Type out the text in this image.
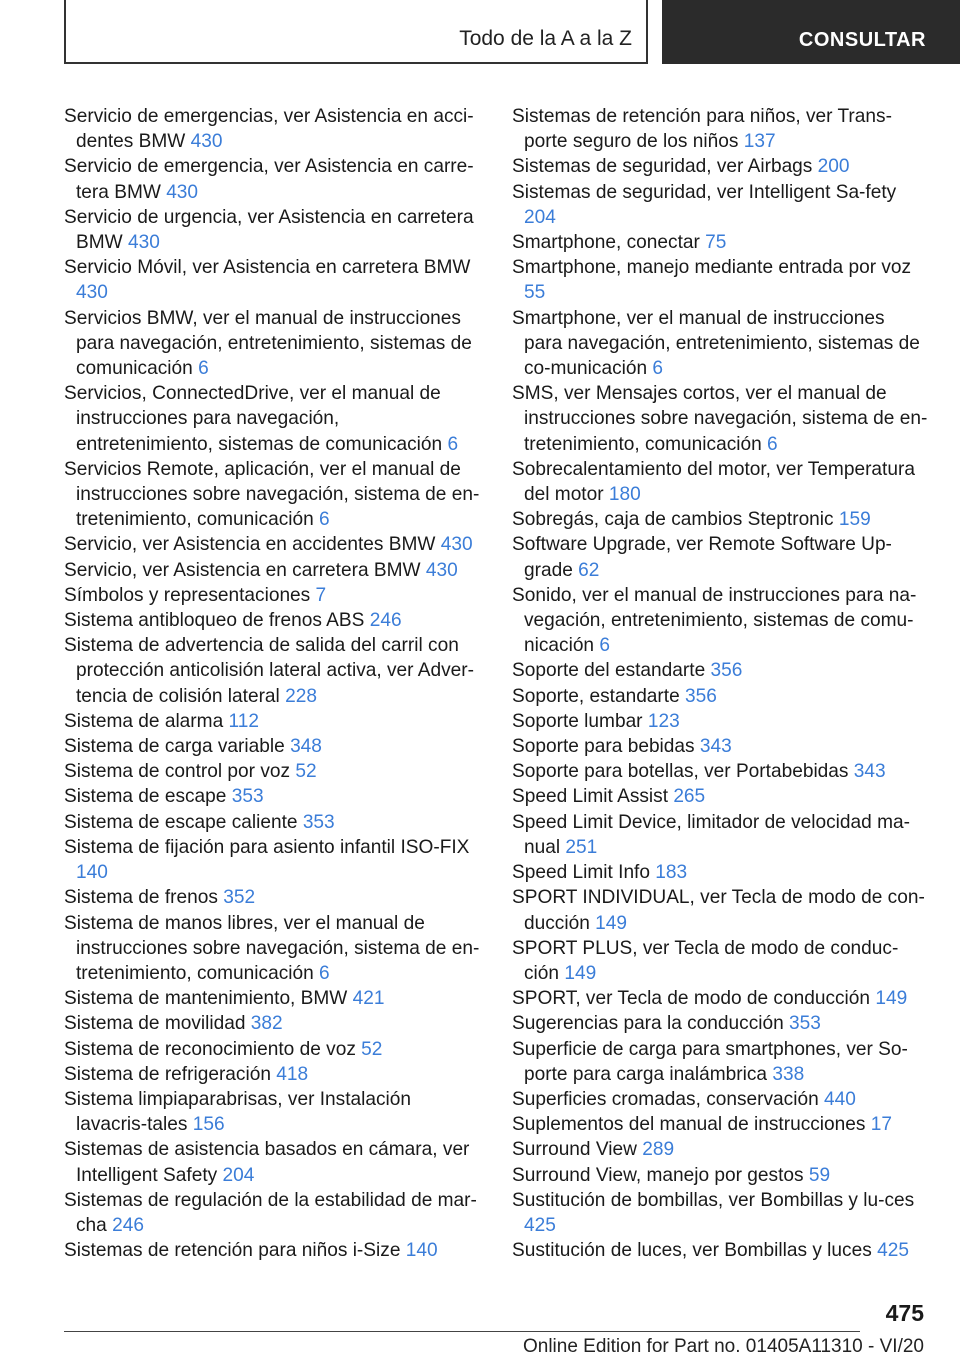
Todo de la A a la Z	CONSULTAR
Servicio de emergencias, ver Asistencia en acci‐dentes BMW 430
Servicio de emergencia, ver Asistencia en carre‐tera BMW 430
Servicio de urgencia, ver Asistencia en carretera BMW 430
Servicio Móvil, ver Asistencia en carretera BMW 430
Servicios BMW, ver el manual de instrucciones para navegación, entretenimiento, sistemas de comunicación 6
Servicios, ConnectedDrive, ver el manual de instrucciones para navegación, entretenimiento, sistemas de comunicación 6
Servicios Remote, aplicación, ver el manual de instrucciones sobre navegación, sistema de en‐tretenimiento, comunicación 6
Servicio, ver Asistencia en accidentes BMW 430
Servicio, ver Asistencia en carretera BMW 430
Símbolos y representaciones 7
Sistema antibloqueo de frenos ABS 246
Sistema de advertencia de salida del carril con protección anticolisión lateral activa, ver Adver‐tencia de colisión lateral 228
Sistema de alarma 112
Sistema de carga variable 348
Sistema de control por voz 52
Sistema de escape 353
Sistema de escape caliente 353
Sistema de fijación para asiento infantil ISO‐FIX 140
Sistema de frenos 352
Sistema de manos libres, ver el manual de instrucciones sobre navegación, sistema de en‐tretenimiento, comunicación 6
Sistema de mantenimiento, BMW 421
Sistema de movilidad 382
Sistema de reconocimiento de voz 52
Sistema de refrigeración 418
Sistema limpiaparabrisas, ver Instalación lavacris‐tales 156
Sistemas de asistencia basados en cámara, ver Intelligent Safety 204
Sistemas de regulación de la estabilidad de mar‐cha 246
Sistemas de retención para niños i-Size 140
Sistemas de retención para niños, ver Trans‐porte seguro de los niños 137
Sistemas de seguridad, ver Airbags 200
Sistemas de seguridad, ver Intelligent Sa‐fety 204
Smartphone, conectar 75
Smartphone, manejo mediante entrada por voz 55
Smartphone, ver el manual de instrucciones para navegación, entretenimiento, sistemas de co‐municación 6
SMS, ver Mensajes cortos, ver el manual de instrucciones sobre navegación, sistema de en‐tretenimiento, comunicación 6
Sobrecalentamiento del motor, ver Temperatura del motor 180
Sobregás, caja de cambios Steptronic 159
Software Upgrade, ver Remote Software Up‐grade 62
Sonido, ver el manual de instrucciones para na‐vegación, entretenimiento, sistemas de comu‐nicación 6
Soporte del estandarte 356
Soporte, estandarte 356
Soporte lumbar 123
Soporte para bebidas 343
Soporte para botellas, ver Portabebidas 343
Speed Limit Assist 265
Speed Limit Device, limitador de velocidad ma‐nual 251
Speed Limit Info 183
SPORT INDIVIDUAL, ver Tecla de modo de con‐ducción 149
SPORT PLUS, ver Tecla de modo de conduc‐ción 149
SPORT, ver Tecla de modo de conducción 149
Sugerencias para la conducción 353
Superficie de carga para smartphones, ver So‐porte para carga inalámbrica 338
Superficies cromadas, conservación 440
Suplementos del manual de instrucciones 17
Surround View 289
Surround View, manejo por gestos 59
Sustitución de bombillas, ver Bombillas y lu‐ces 425
Sustitución de luces, ver Bombillas y luces 425
475
Online Edition for Part no. 01405A11310 - VI/20
